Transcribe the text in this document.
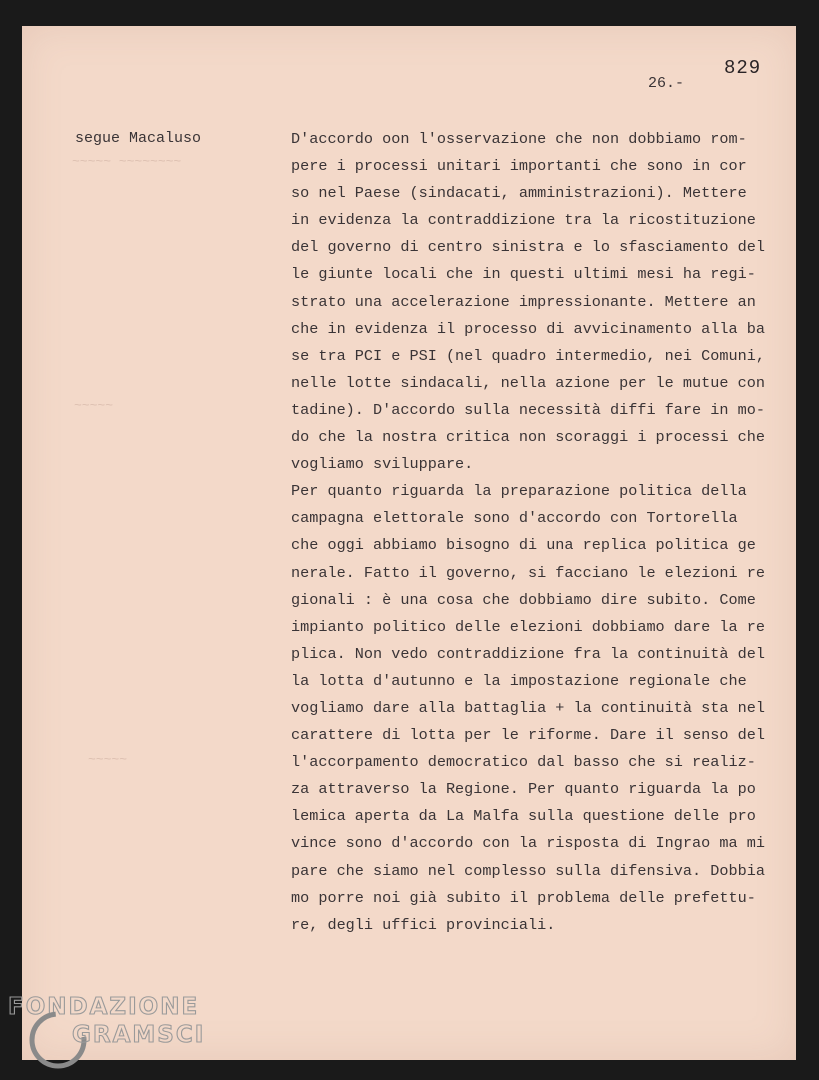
~~~~~ ~~~~~~~~
~~~~~
~~~~~
829
26.-
segue Macaluso	D'accordo oon l'osservazione che non dobbiamo rom-
pere i processi unitari importanti che sono in cor
so nel Paese (sindacati, amministrazioni). Mettere
in evidenza la contraddizione tra la ricostituzione
del governo di centro sinistra e lo sfasciamento del
le giunte locali che in questi ultimi mesi ha regi-
strato una accelerazione impressionante. Mettere an
che in evidenza il processo di avvicinamento alla ba
se tra PCI e PSI (nel quadro intermedio, nei Comuni,
nelle lotte sindacali, nella azione per le mutue con
tadine). D'accordo sulla necessità diffi fare in mo-
do che la nostra critica non scoraggi i processi che
vogliamo sviluppare.
Per quanto riguarda la preparazione politica della
campagna elettorale sono d'accordo con Tortorella
che oggi abbiamo bisogno di una replica politica ge
nerale. Fatto il governo, si facciano le elezioni re
gionali : è una cosa che dobbiamo dire subito. Come
impianto politico delle elezioni dobbiamo dare la re
plica. Non vedo contraddizione fra la continuità del
la lotta d'autunno e la impostazione regionale che
vogliamo dare alla battaglia + la continuità sta nel
carattere di lotta per le riforme. Dare il senso del
l'accorpamento democratico dal basso che si realiz-
za attraverso la Regione. Per quanto riguarda la po
lemica aperta da La Malfa sulla questione delle pro
vince sono d'accordo con la risposta di Ingrao ma mi
pare che siamo nel complesso sulla difensiva. Dobbia
mo porre noi già subito il problema delle prefettu-
re, degli uffici provinciali.
FONDAZIONE
GRAMSCI
